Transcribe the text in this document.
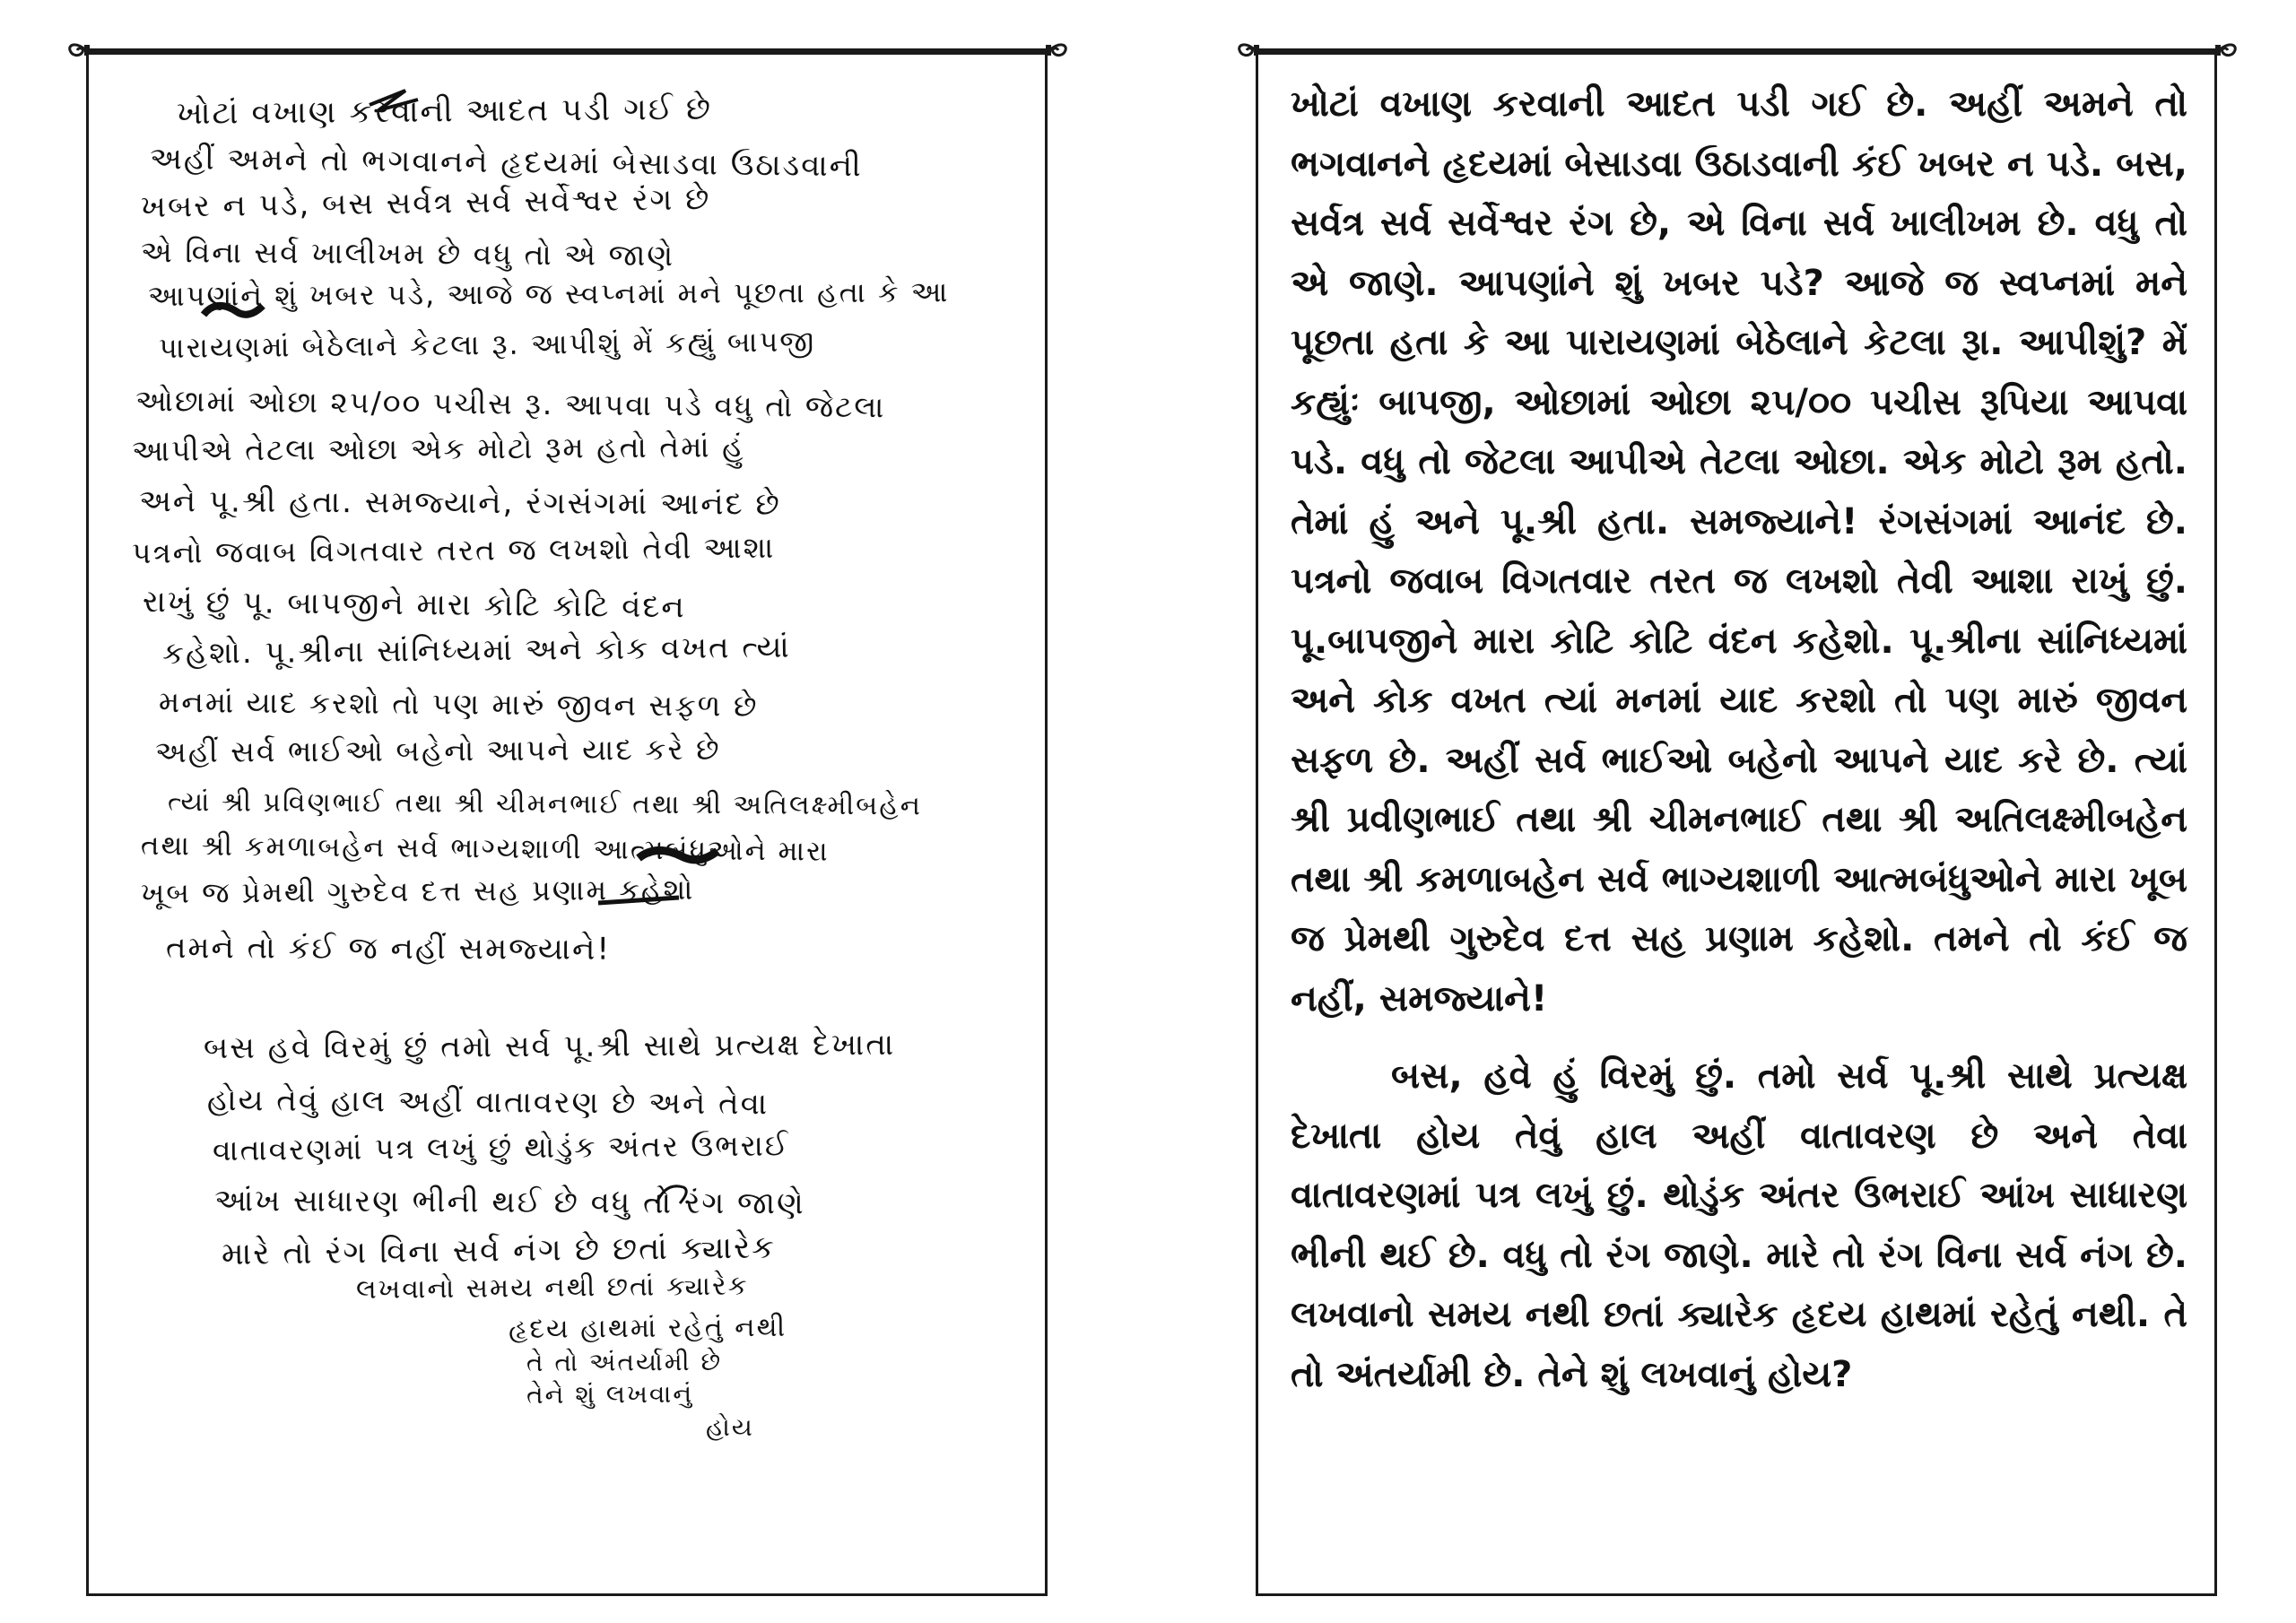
ખોટાં વખાણ કરવાની આદત પડી ગઈ છે
અહીં અમને તો ભગવાનને હૃદયમાં બેસાડવા ઉઠાડવાની
ખબર ન પડે, બસ સર્વત્ર સર્વ સર્વેશ્વર રંગ છે
એ વિના સર્વ ખાલીખમ છે વધુ તો એ જાણે
આપણાંને શું ખબર પડે, આજે જ સ્વપ્નમાં મને પૂછતા હતા કે આ
પારાયણમાં બેઠેલાને કેટલા રૂ. આપીશું મેં કહ્યું બાપજી
ઓછામાં ઓછા ૨૫/૦૦ પચીસ રૂ. આપવા પડે વધુ તો જેટલા
આપીએ તેટલા ઓછા એક મોટો રૂમ હતો તેમાં હું
અને પૂ.શ્રી હતા. સમજ્યાને, રંગસંગમાં આનંદ છે
પત્રનો જવાબ વિગતવાર તરત જ લખશો તેવી આશા
રાખું છું પૂ. બાપજીને મારા કોટિ કોટિ વંદન
કહેશો. પૂ.શ્રીના સાંનિધ્યમાં અને કોક વખત ત્યાં
મનમાં યાદ કરશો તો પણ મારું જીવન સફળ છે
અહીં સર્વ ભાઈઓ બહેનો આપને યાદ કરે છે
ત્યાં શ્રી પ્રવિણભાઈ તથા શ્રી ચીમનભાઈ તથા શ્રી અતિલક્ષ્મીબહેન
તથા શ્રી કમળાબહેન સર્વ ભાગ્યશાળી આત્મબંધુઓને મારા
ખૂબ જ પ્રેમથી ગુરુદેવ દત્ત સહ પ્રણામ કહેશો
તમને તો કંઈ જ નહીં સમજ્યાને!
બસ હવે વિરમું છું તમો સર્વ પૂ.શ્રી સાથે પ્રત્યક્ષ દેખાતા
હોય તેવું હાલ અહીં વાતાવરણ છે અને તેવા
વાતાવરણમાં પત્ર લખું છું થોડુંક અંતર ઉભરાઈ
આંખ સાધારણ ભીની થઈ છે વધુ તો રંગ જાણે
મારે તો રંગ વિના સર્વ નંગ છે છતાં ક્યારેક
લખવાનો સમય નથી છતાં ક્યારેક
હૃદય હાથમાં રહેતું નથી
તે તો અંતર્યામી છે
તેને શું લખવાનું
હોય

ખોટાં વખાણ કરવાની આદત પડી ગઈ છે. અહીં અમને તો ભગવાનને હૃદયમાં બેસાડવા ઉઠાડવાની કંઈ ખબર ન પડે. બસ, સર્વત્ર સર્વ સર્વેશ્વર રંગ છે, એ વિના સર્વ ખાલીખમ છે. વધુ તો એ જાણે. આપણાંને શું ખબર પડે? આજે જ સ્વપ્નમાં મને પૂછતા હતા કે આ પારાયણમાં બેઠેલાને કેટલા રૂા. આપીશું? મેં કહ્યુંઃ બાપજી, ઓછામાં ઓછા ૨૫/૦૦ પચીસ રૂપિયા આપવા પડે. વધુ તો જેટલા આપીએ તેટલા ઓછા. એક મોટો રૂમ હતો. તેમાં હું અને પૂ.શ્રી હતા. સમજ્યાને! રંગસંગમાં આનંદ છે. પત્રનો જવાબ વિગતવાર તરત જ લખશો તેવી આશા રાખું છું. પૂ.બાપજીને મારા કોટિ કોટિ વંદન કહેશો. પૂ.શ્રીના સાંનિધ્યમાં અને કોક વખત ત્યાં મનમાં યાદ કરશો તો પણ મારું જીવન સફળ છે. અહીં સર્વ ભાઈઓ બહેનો આપને યાદ કરે છે. ત્યાં શ્રી પ્રવીણભાઈ તથા શ્રી ચીમનભાઈ તથા શ્રી અતિલક્ષ્મીબહેન તથા શ્રી કમળાબહેન સર્વ ભાગ્યશાળી આત્મબંધુઓને મારા ખૂબ જ પ્રેમથી ગુરુદેવ દત્ત સહ પ્રણામ કહેશો. તમને તો કંઈ જ નહીં, સમજ્યાને!

બસ, હવે હું વિરમું છું. તમો સર્વ પૂ.શ્રી સાથે પ્રત્યક્ષ દેખાતા હોય તેવું હાલ અહીં વાતાવરણ છે અને તેવા વાતાવરણમાં પત્ર લખું છું. થોડુંક અંતર ઉભરાઈ આંખ સાધારણ ભીની થઈ છે. વધુ તો રંગ જાણે. મારે તો રંગ વિના સર્વ નંગ છે. લખવાનો સમય નથી છતાં ક્યારેક હૃદય હાથમાં રહેતું નથી. તે તો અંતર્યામી છે. તેને શું લખવાનું હોય?
